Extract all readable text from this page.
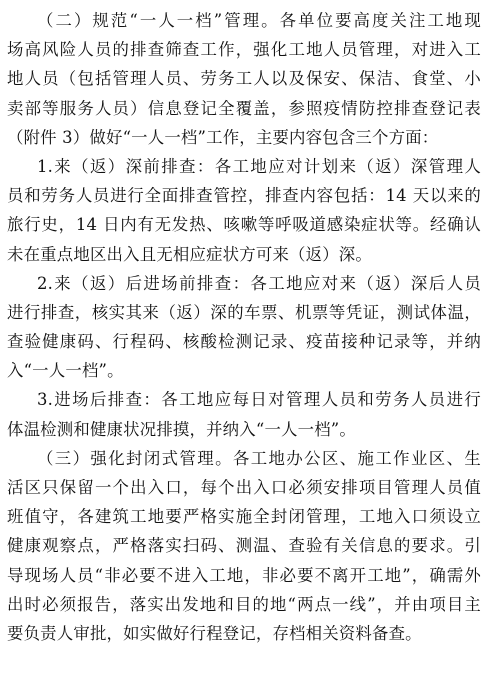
（二）规范“一人一档”管理。各单位要高度关注工地现
场高风险人员的排查筛查工作，强化工地人员管理，对进入工
地人员（包括管理人员、劳务工人以及保安、保洁、食堂、小
卖部等服务人员）信息登记全覆盖，参照疫情防控排查登记表
（附件 3）做好“一人一档”工作，主要内容包含三个方面：
1.来（返）深前排查：各工地应对计划来（返）深管理人
员和劳务人员进行全面排查管控，排查内容包括：14 天以来的
旅行史，14 日内有无发热、咳嗽等呼吸道感染症状等。经确认
未在重点地区出入且无相应症状方可来（返）深。
2.来（返）后进场前排查：各工地应对来（返）深后人员
进行排查，核实其来（返）深的车票、机票等凭证，测试体温，
查验健康码、行程码、核酸检测记录、疫苗接种记录等，并纳
入“一人一档”。
3.进场后排查：各工地应每日对管理人员和劳务人员进行
体温检测和健康状况排摸，并纳入“一人一档”。
（三）强化封闭式管理。各工地办公区、施工作业区、生
活区只保留一个出入口，每个出入口必须安排项目管理人员值
班值守，各建筑工地要严格实施全封闭管理，工地入口须设立
健康观察点，严格落实扫码、测温、查验有关信息的要求。引
导现场人员“非必要不进入工地，非必要不离开工地”，确需外
出时必须报告，落实出发地和目的地“两点一线”，并由项目主
要负责人审批，如实做好行程登记，存档相关资料备查。
